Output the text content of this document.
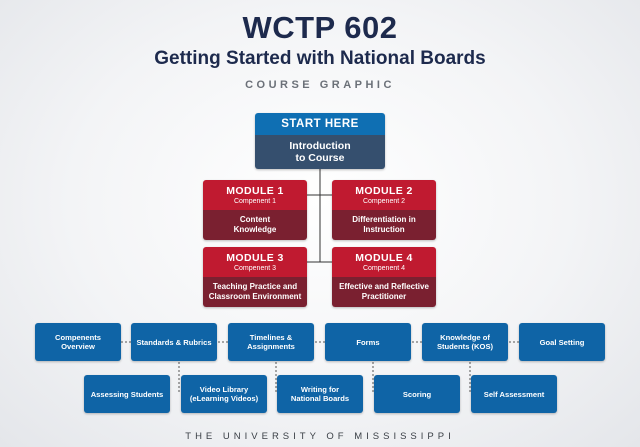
WCTP 602
Getting Started with National Boards
COURSE GRAPHIC
START HERE
Introduction
to Course
MODULE 1
Compenent 1
Content
Knowledge
MODULE 2
Compenent 2
Differentiation in
Instruction
MODULE 3
Compenent 3
Teaching Practice and
Classroom Environment
MODULE 4
Compenent 4
Effective and Reflective
Practitioner
Compenents
Overview	Standards & Rubrics	Timelines &
Assignments	Forms	Knowledge of
Students (KOS)	Goal Setting
Assessing Students	Video Library
(eLearning Videos)
Writing for
National Boards	Scoring	Self Assessment
THE UNIVERSITY OF MISSISSIPPI
